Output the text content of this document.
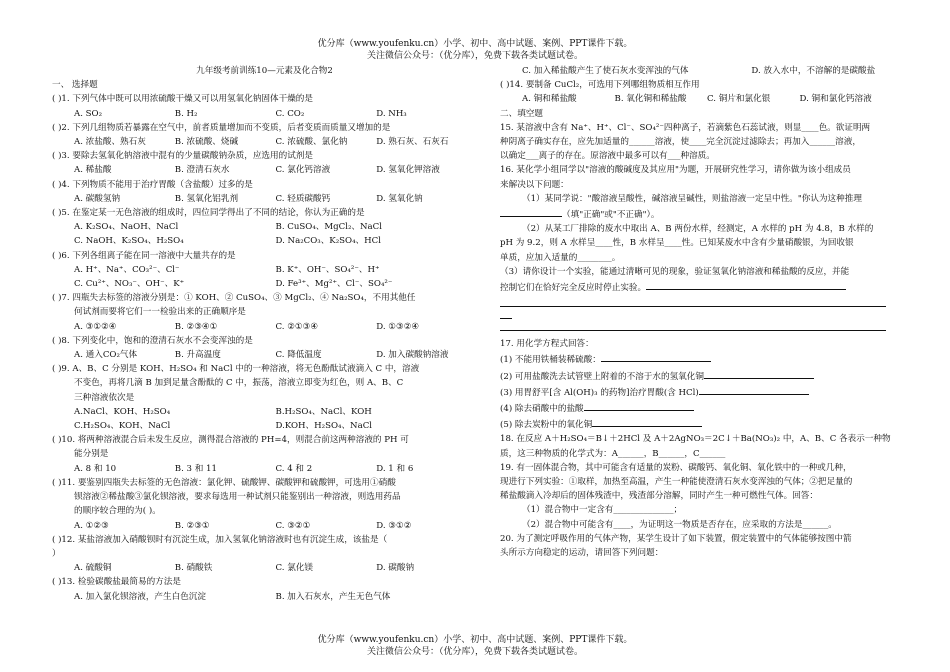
优分库（www.youfenku.cn）小学、初中、高中试题、案例、PPT课件下载。
关注微信公众号：（优分库），免费下载各类试题试卷。
九年级考前训练10—元素及化合物2
一、 选择题
( )1. 下列气体中既可以用浓硫酸干燥又可以用氢氧化钠固体干燥的是
A. SO₂	B. H₂	C. CO₂	D. NH₃
( )2. 下列几组物质若暴露在空气中，前者质量增加而不变质，后者变质而质量又增加的是
A. 浓盐酸、熟石灰	B. 浓硫酸、烧碱	C. 浓硫酸、氯化钠	D. 熟石灰、石灰石
( )3. 要除去氢氧化钠溶液中混有的少量碳酸钠杂质，应选用的试剂是
A. 稀盐酸	B. 澄清石灰水	C. 氯化钙溶液	D. 氢氧化钾溶液
( )4. 下列物质不能用于治疗胃酸（含盐酸）过多的是
A. 碳酸氢钠	B. 氢氧化铝乳剂	C. 轻质碳酸钙	D. 氢氧化钠
( )5. 在鉴定某一无色溶液的组成时，四位同学得出了不同的结论，你认为正确的是
A. K₂SO₄、NaOH、NaCl	B. CuSO₄、MgCl₂、NaCl
C. NaOH、K₂SO₄、H₂SO₄	D. Na₂CO₃、K₂SO₄、HCl
( )6. 下列各组离子能在同一溶液中大量共存的是
A. H⁺、Na⁺、CO₃²⁻、Cl⁻	B. K⁺、OH⁻、SO₄²⁻、H⁺
C. Cu²⁺、NO₃⁻、OH⁻、K⁺	D. Fe³⁺、Mg²⁺、Cl⁻、SO₄²⁻
( )7. 四瓶失去标签的溶液分别是：① KOH、② CuSO₄、③ MgCl₂、④ Na₂SO₄，不用其他任
何试剂而要将它们一一检验出来的正确顺序是
A. ③①②④	B. ②③④①	C. ②①③④	D. ①③②④
( )8. 下列变化中，饱和的澄清石灰水不会变浑浊的是
A. 通入CO₂气体	B. 升高温度	C. 降低温度	D. 加入碳酸钠溶液
( )9. A、B、C 分别是 KOH、H₂SO₄ 和 NaCl 中的一种溶液，将无色酚酞试液滴入 C 中，溶液
不变色，再将几滴 B 加到足量含酚酞的 C 中，振荡，溶液立即变为红色，则 A、B、C
三种溶液依次是
A.NaCl、KOH、H₂SO₄	B.H₂SO₄、NaCl、KOH
C.H₂SO₄、KOH、NaCl	D.KOH、H₂SO₄、NaCl
( )10. 将两种溶液混合后未发生反应，测得混合溶液的 PH=4，则混合前这两种溶液的 PH 可
能分别是
A. 8 和 10	B. 3 和 11	C. 4 和 2	D. 1 和 6
( )11. 要鉴别四瓶失去标签的无色溶液：氯化钾、硫酸钾、碳酸钾和硫酸钾，可选用①硝酸
钡溶液②稀盐酸③氯化钡溶液，要求每选用一种试剂只能鉴别出一种溶液，则选用药品
的顺序较合理的为( )。
A. ①②③	B. ②③①	C. ③②①	D. ③①②
( )12. 某盐溶液加入硝酸钡时有沉淀生成，加入氢氧化钠溶液时也有沉淀生成，该盐是（
）
A. 硫酸铜	B. 硝酸铁	C. 氯化镁	D. 碳酸钠
( )13. 检验碳酸盐最简易的方法是
A. 加入氯化钡溶液，产生白色沉淀	B. 加入石灰水，产生无色气体
C. 加入稀盐酸产生了使石灰水变浑浊的气体	D. 放入水中，不溶解的是碳酸盐
( )14. 要制备 CuCl₂，可选用下列哪组物质相互作用
A. 铜和稀盐酸	B. 氧化铜和稀盐酸	C. 铜片和氯化银	D. 铜和氯化钙溶液
二、填空题
15. 某溶液中含有 Na⁺、H⁺、Cl⁻、SO₄²⁻四种离子，若滴紫色石蕊试液，则显____色。欲证明两
种阴离子确实存在，应先加适量的______溶液，使____完全沉淀过滤除去；再加入______溶液，
以确定___离子的存在。原溶液中最多可以有___种溶质。
16. 某化学小组同学以"溶液的酸碱度及其应用"为题，开展研究性学习，请你做为该小组成员
来解决以下问题：
（1）某同学说："酸溶液呈酸性，碱溶液呈碱性，则盐溶液一定呈中性。"你认为这种推理
（填"正确"或"不正确"）。
（2）从某工厂排除的废水中取出 A、B 两份水样，经测定，A 水样的 pH 为 4.8，B 水样的
pH 为 9.2，则 A 水样呈____性，B 水样呈____性。已知某废水中含有少量硝酸银，为回收银
单质，应加入适量的________。
（3）请你设计一个实验，能通过清晰可见的现象，验证氢氧化钠溶液和稀盐酸的反应，并能
控制它们在恰好完全反应时停止实验。
17. 用化学方程式回答：
(1) 不能用铁桶装稀硫酸：
(2) 可用盐酸洗去试管壁上附着的不溶于水的氢氧化铜
(3) 用胃舒平[含 Al(OH)₃ 的药物]治疗胃酸(含 HCl)
(4) 除去硝酸中的盐酸
(5) 除去炭粉中的氧化铜
18. 在反应 A＋H₂SO₄＝B↓＋2HCl 及 A＋2AgNO₃＝2C↓＋Ba(NO₃)₂ 中，A、B、C 各表示一种物
质，这三种物质的化学式为：A______，B______，C______
19. 有一固体混合物，其中可能含有适量的炭粉、碳酸钙、氧化铜、氧化铁中的一种或几种，
现进行下列实验：①取样，加热至高温，产生一种能使澄清石灰水变浑浊的气体；②把足量的
稀盐酸滴入冷却后的固体残渣中，残渣部分溶解，同时产生一种可燃性气体。回答：
（1）混合物中一定含有______________；
（2）混合物中可能含有____，为证明这一物质是否存在，应采取的方法是______。
20. 为了测定呼吸作用的气体产物，某学生设计了如下装置，假定装置中的气体能够按图中箭
头所示方向稳定的运动，请回答下列问题：
优分库（www.youfenku.cn）小学、初中、高中试题、案例、PPT课件下载。
关注微信公众号：（优分库），免费下载各类试题试卷。
